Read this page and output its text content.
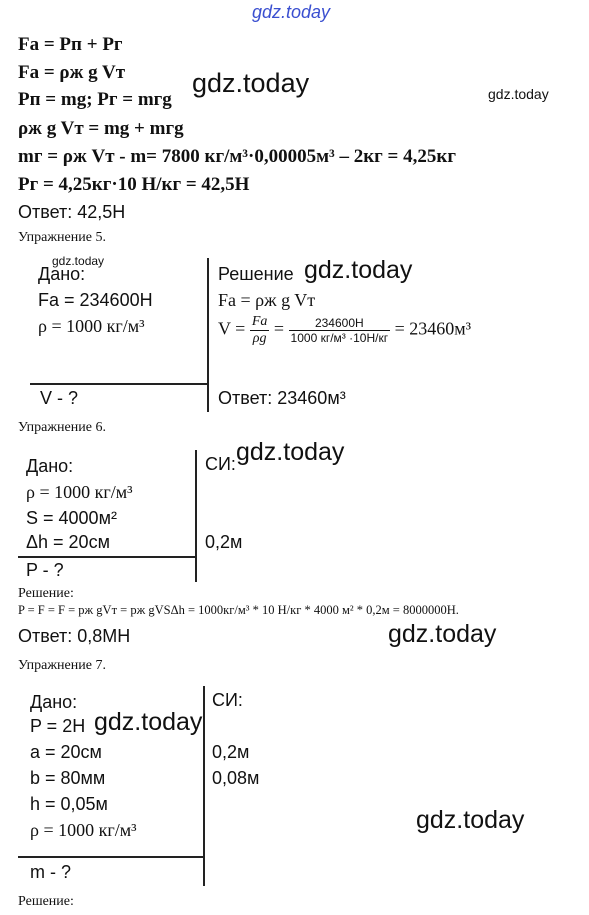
gdz.today
Fa = Pп + Pг
Fa = ρж g Vт
Pп = mg; Pг = mгg
ρж g Vт = mg + mгg
mг = ρж Vт - m= 7800 кг/м³·0,00005м³ – 2кг = 4,25кг
Pг = 4,25кг·10 Н/кг = 42,5Н
Ответ: 42,5Н
gdz.today	gdz.today
Упражнение 5.
gdz.today
Дано:
Fa = 234600Н
ρ = 1000 кг/м³
V - ?
Решение gdz.today
Fa = ρж g Vт
$V = \frac{Fa}{\rho g} = \frac{234600Н}{\text{1000 кг/м³ ·10Н/кг}} = 23460м^3$
Ответ: 23460м³
Упражнение 6.
Дано:	СИ: gdz.today
ρ = 1000 кг/м³
S = 4000м²
Δh = 20см	0,2м
P - ?
Решение:
P = F = F = pж gVт = pж gVSΔh = 1000кг/м³ * 10 Н/кг * 4000 м² * 0,2м = 8000000Н.
Ответ: 0,8МН	gdz.today
Упражнение 7.
Дано:	СИ:
P = 2Н gdz.today
a = 20см	0,2м
b = 80мм	0,08м
h = 0,05м
ρ = 1000 кг/м³
m - ?
gdz.today
Решение:
